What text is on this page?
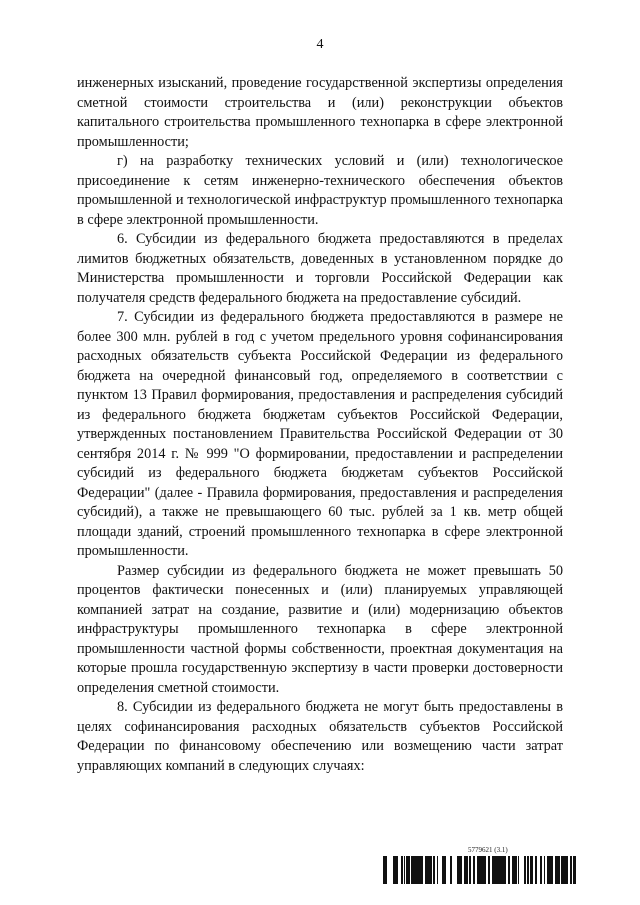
4

инженерных изысканий, проведение государственной экспертизы определения сметной стоимости строительства и (или) реконструкции объектов капитального строительства промышленного технопарка в сфере электронной промышленности;

г) на разработку технических условий и (или) технологическое присоединение к сетям инженерно-технического обеспечения объектов промышленной и технологической инфраструктур промышленного технопарка в сфере электронной промышленности.

6. Субсидии из федерального бюджета предоставляются в пределах лимитов бюджетных обязательств, доведенных в установленном порядке до Министерства промышленности и торговли Российской Федерации как получателя средств федерального бюджета на предоставление субсидий.

7. Субсидии из федерального бюджета предоставляются в размере не более 300 млн. рублей в год с учетом предельного уровня софинансирования расходных обязательств субъекта Российской Федерации из федерального бюджета на очередной финансовый год, определяемого в соответствии с пунктом 13 Правил формирования, предоставления и распределения субсидий из федерального бюджета бюджетам субъектов Российской Федерации, утвержденных постановлением Правительства Российской Федерации от 30 сентября 2014 г. № 999 "О формировании, предоставлении и распределении субсидий из федерального бюджета бюджетам субъектов Российской Федерации" (далее - Правила формирования, предоставления и распределения субсидий), а также не превышающего 60 тыс. рублей за 1 кв. метр общей площади зданий, строений промышленного технопарка в сфере электронной промышленности.

Размер субсидии из федерального бюджета не может превышать 50 процентов фактически понесенных и (или) планируемых управляющей компанией затрат на создание, развитие и (или) модернизацию объектов инфраструктуры промышленного технопарка в сфере электронной промышленности частной формы собственности, проектная документация на которые прошла государственную экспертизу в части проверки достоверности определения сметной стоимости.

8. Субсидии из федерального бюджета не могут быть предоставлены в целях софинансирования расходных обязательств субъектов Российской Федерации по финансовому обеспечению или возмещению части затрат управляющих компаний в следующих случаях:

5779621 (3.1)
